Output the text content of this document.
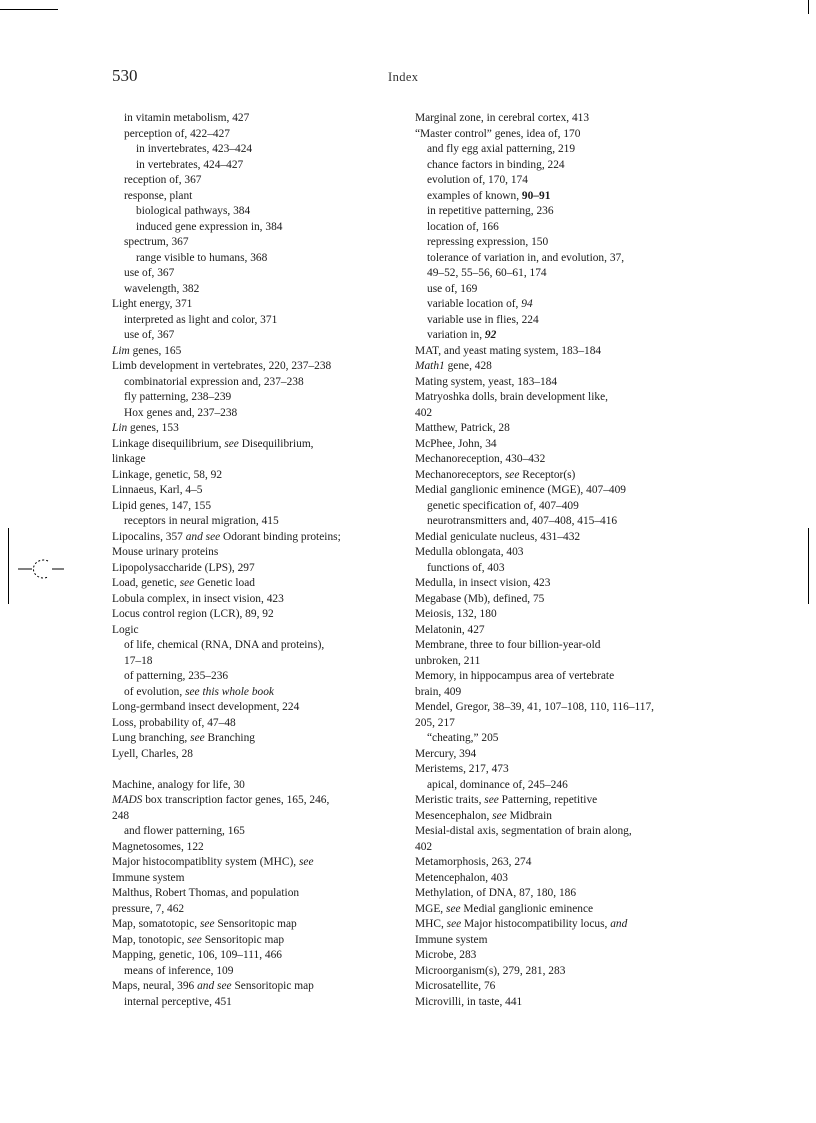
530	Index
in vitamin metabolism, 427
perception of, 422–427
in invertebrates, 423–424
in vertebrates, 424–427
reception of, 367
response, plant
biological pathways, 384
induced gene expression in, 384
spectrum, 367
range visible to humans, 368
use of, 367
wavelength, 382
Light energy, 371
interpreted as light and color, 371
use of, 367
Lim genes, 165
Limb development in vertebrates, 220, 237–238
combinatorial expression and, 237–238
fly patterning, 238–239
Hox genes and, 237–238
Lin genes, 153
Linkage disequilibrium, see Disequilibrium,
linkage
Linkage, genetic, 58, 92
Linnaeus, Karl, 4–5
Lipid genes, 147, 155
receptors in neural migration, 415
Lipocalins, 357 and see Odorant binding proteins;
Mouse urinary proteins
Lipopolysaccharide (LPS), 297
Load, genetic, see Genetic load
Lobula complex, in insect vision, 423
Locus control region (LCR), 89, 92
Logic
of life, chemical (RNA, DNA and proteins),
17–18
of patterning, 235–236
of evolution, see this whole book
Long-germband insect development, 224
Loss, probability of, 47–48
Lung branching, see Branching
Lyell, Charles, 28
Machine, analogy for life, 30
MADS box transcription factor genes, 165, 246,
248
and flower patterning, 165
Magnetosomes, 122
Major histocompatiblity system (MHC), see
Immune system
Malthus, Robert Thomas, and population
pressure, 7, 462
Map, somatotopic, see Sensoritopic map
Map, tonotopic, see Sensoritopic map
Mapping, genetic, 106, 109–111, 466
means of inference, 109
Maps, neural, 396 and see Sensoritopic map
internal perceptive, 451
Marginal zone, in cerebral cortex, 413
“Master control” genes, idea of, 170
and fly egg axial patterning, 219
chance factors in binding, 224
evolution of, 170, 174
examples of known, 90–91
in repetitive patterning, 236
location of, 166
repressing expression, 150
tolerance of variation in, and evolution, 37,
49–52, 55–56, 60–61, 174
use of, 169
variable location of, 94
variable use in flies, 224
variation in, 92
MAT, and yeast mating system, 183–184
Math1 gene, 428
Mating system, yeast, 183–184
Matryoshka dolls, brain development like,
402
Matthew, Patrick, 28
McPhee, John, 34
Mechanoreception, 430–432
Mechanoreceptors, see Receptor(s)
Medial ganglionic eminence (MGE), 407–409
genetic specification of, 407–409
neurotransmitters and, 407–408, 415–416
Medial geniculate nucleus, 431–432
Medulla oblongata, 403
functions of, 403
Medulla, in insect vision, 423
Megabase (Mb), defined, 75
Meiosis, 132, 180
Melatonin, 427
Membrane, three to four billion-year-old
unbroken, 211
Memory, in hippocampus area of vertebrate
brain, 409
Mendel, Gregor, 38–39, 41, 107–108, 110, 116–117,
205, 217
“cheating,” 205
Mercury, 394
Meristems, 217, 473
apical, dominance of, 245–246
Meristic traits, see Patterning, repetitive
Mesencephalon, see Midbrain
Mesial-distal axis, segmentation of brain along,
402
Metamorphosis, 263, 274
Metencephalon, 403
Methylation, of DNA, 87, 180, 186
MGE, see Medial ganglionic eminence
MHC, see Major histocompatibility locus, and
Immune system
Microbe, 283
Microorganism(s), 279, 281, 283
Microsatellite, 76
Microvilli, in taste, 441
